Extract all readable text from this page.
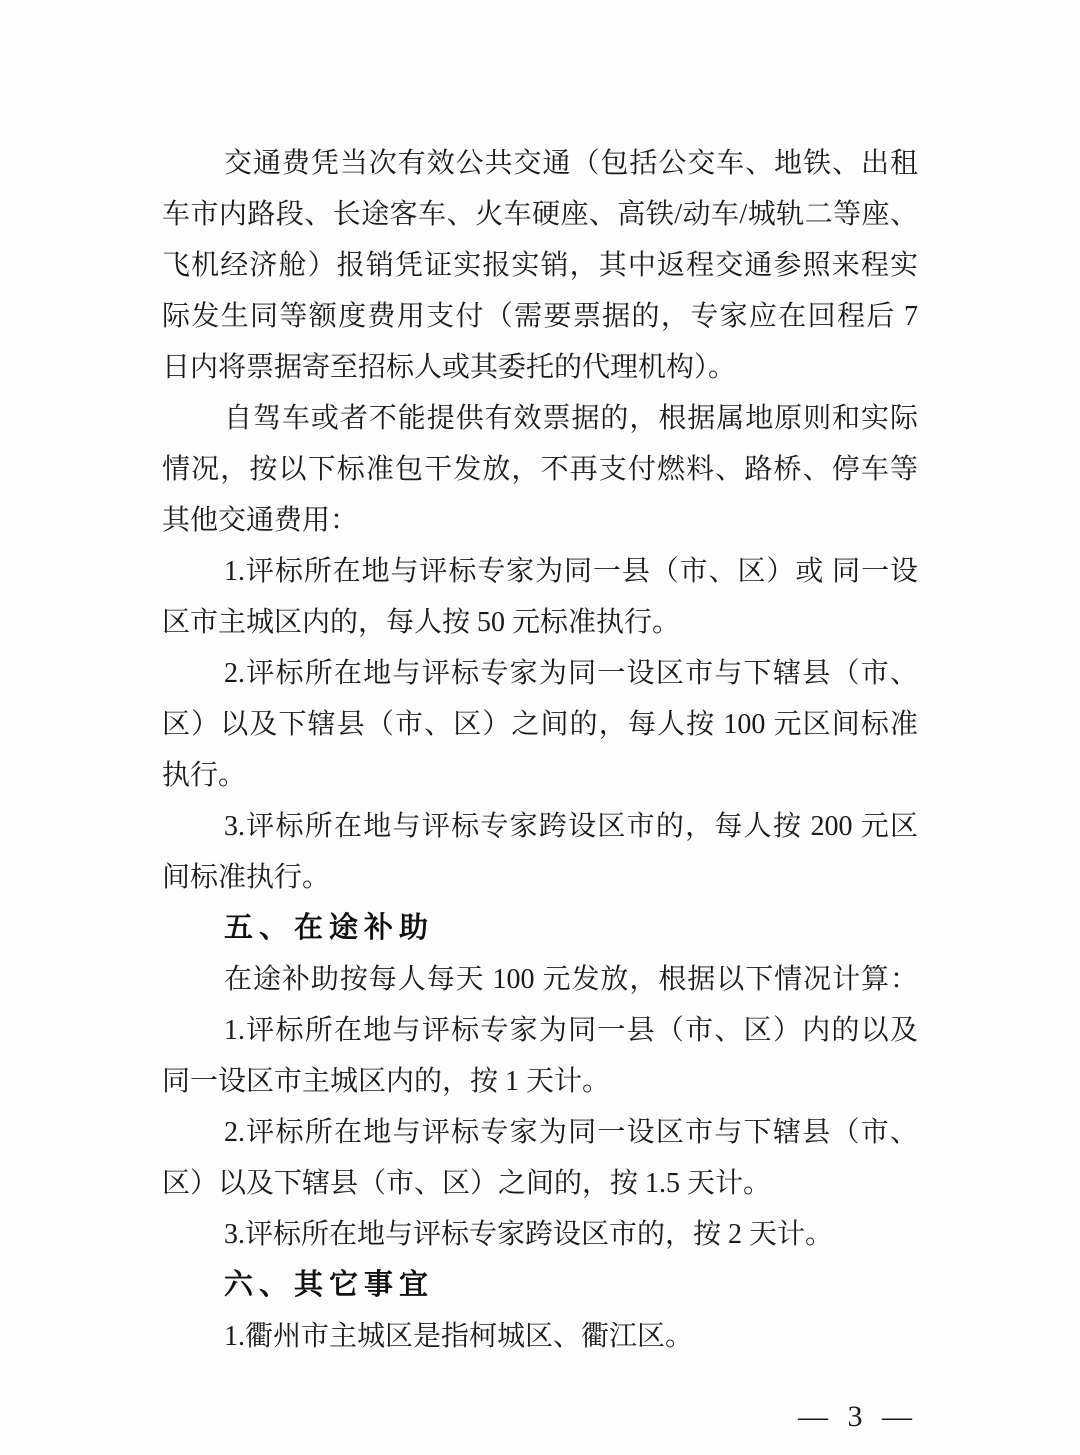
交通费凭当次有效公共交通（包括公交车、地铁、出租
车市内路段、长途客车、火车硬座、高铁/动车/城轨二等座、
飞机经济舱）报销凭证实报实销，其中返程交通参照来程实
际发生同等额度费用支付（需要票据的，专家应在回程后 7
日内将票据寄至招标人或其委托的代理机构）。
自驾车或者不能提供有效票据的，根据属地原则和实际
情况，按以下标准包干发放，不再支付燃料、路桥、停车等
其他交通费用：
1.评标所在地与评标专家为同一县（市、区）或 同一设
区市主城区内的，每人按 50 元标准执行。
2.评标所在地与评标专家为同一设区市与下辖县（市、
区）以及下辖县（市、区）之间的，每人按 100 元区间标准
执行。
3.评标所在地与评标专家跨设区市的，每人按 200 元区
间标准执行。
五、在途补助
在途补助按每人每天 100 元发放，根据以下情况计算：
1.评标所在地与评标专家为同一县（市、区）内的以及
同一设区市主城区内的，按 1 天计。
2.评标所在地与评标专家为同一设区市与下辖县（市、
区）以及下辖县（市、区）之间的，按 1.5 天计。
3.评标所在地与评标专家跨设区市的，按 2 天计。
六、其它事宜
1.衢州市主城区是指柯城区、衢江区。
— 3 —
